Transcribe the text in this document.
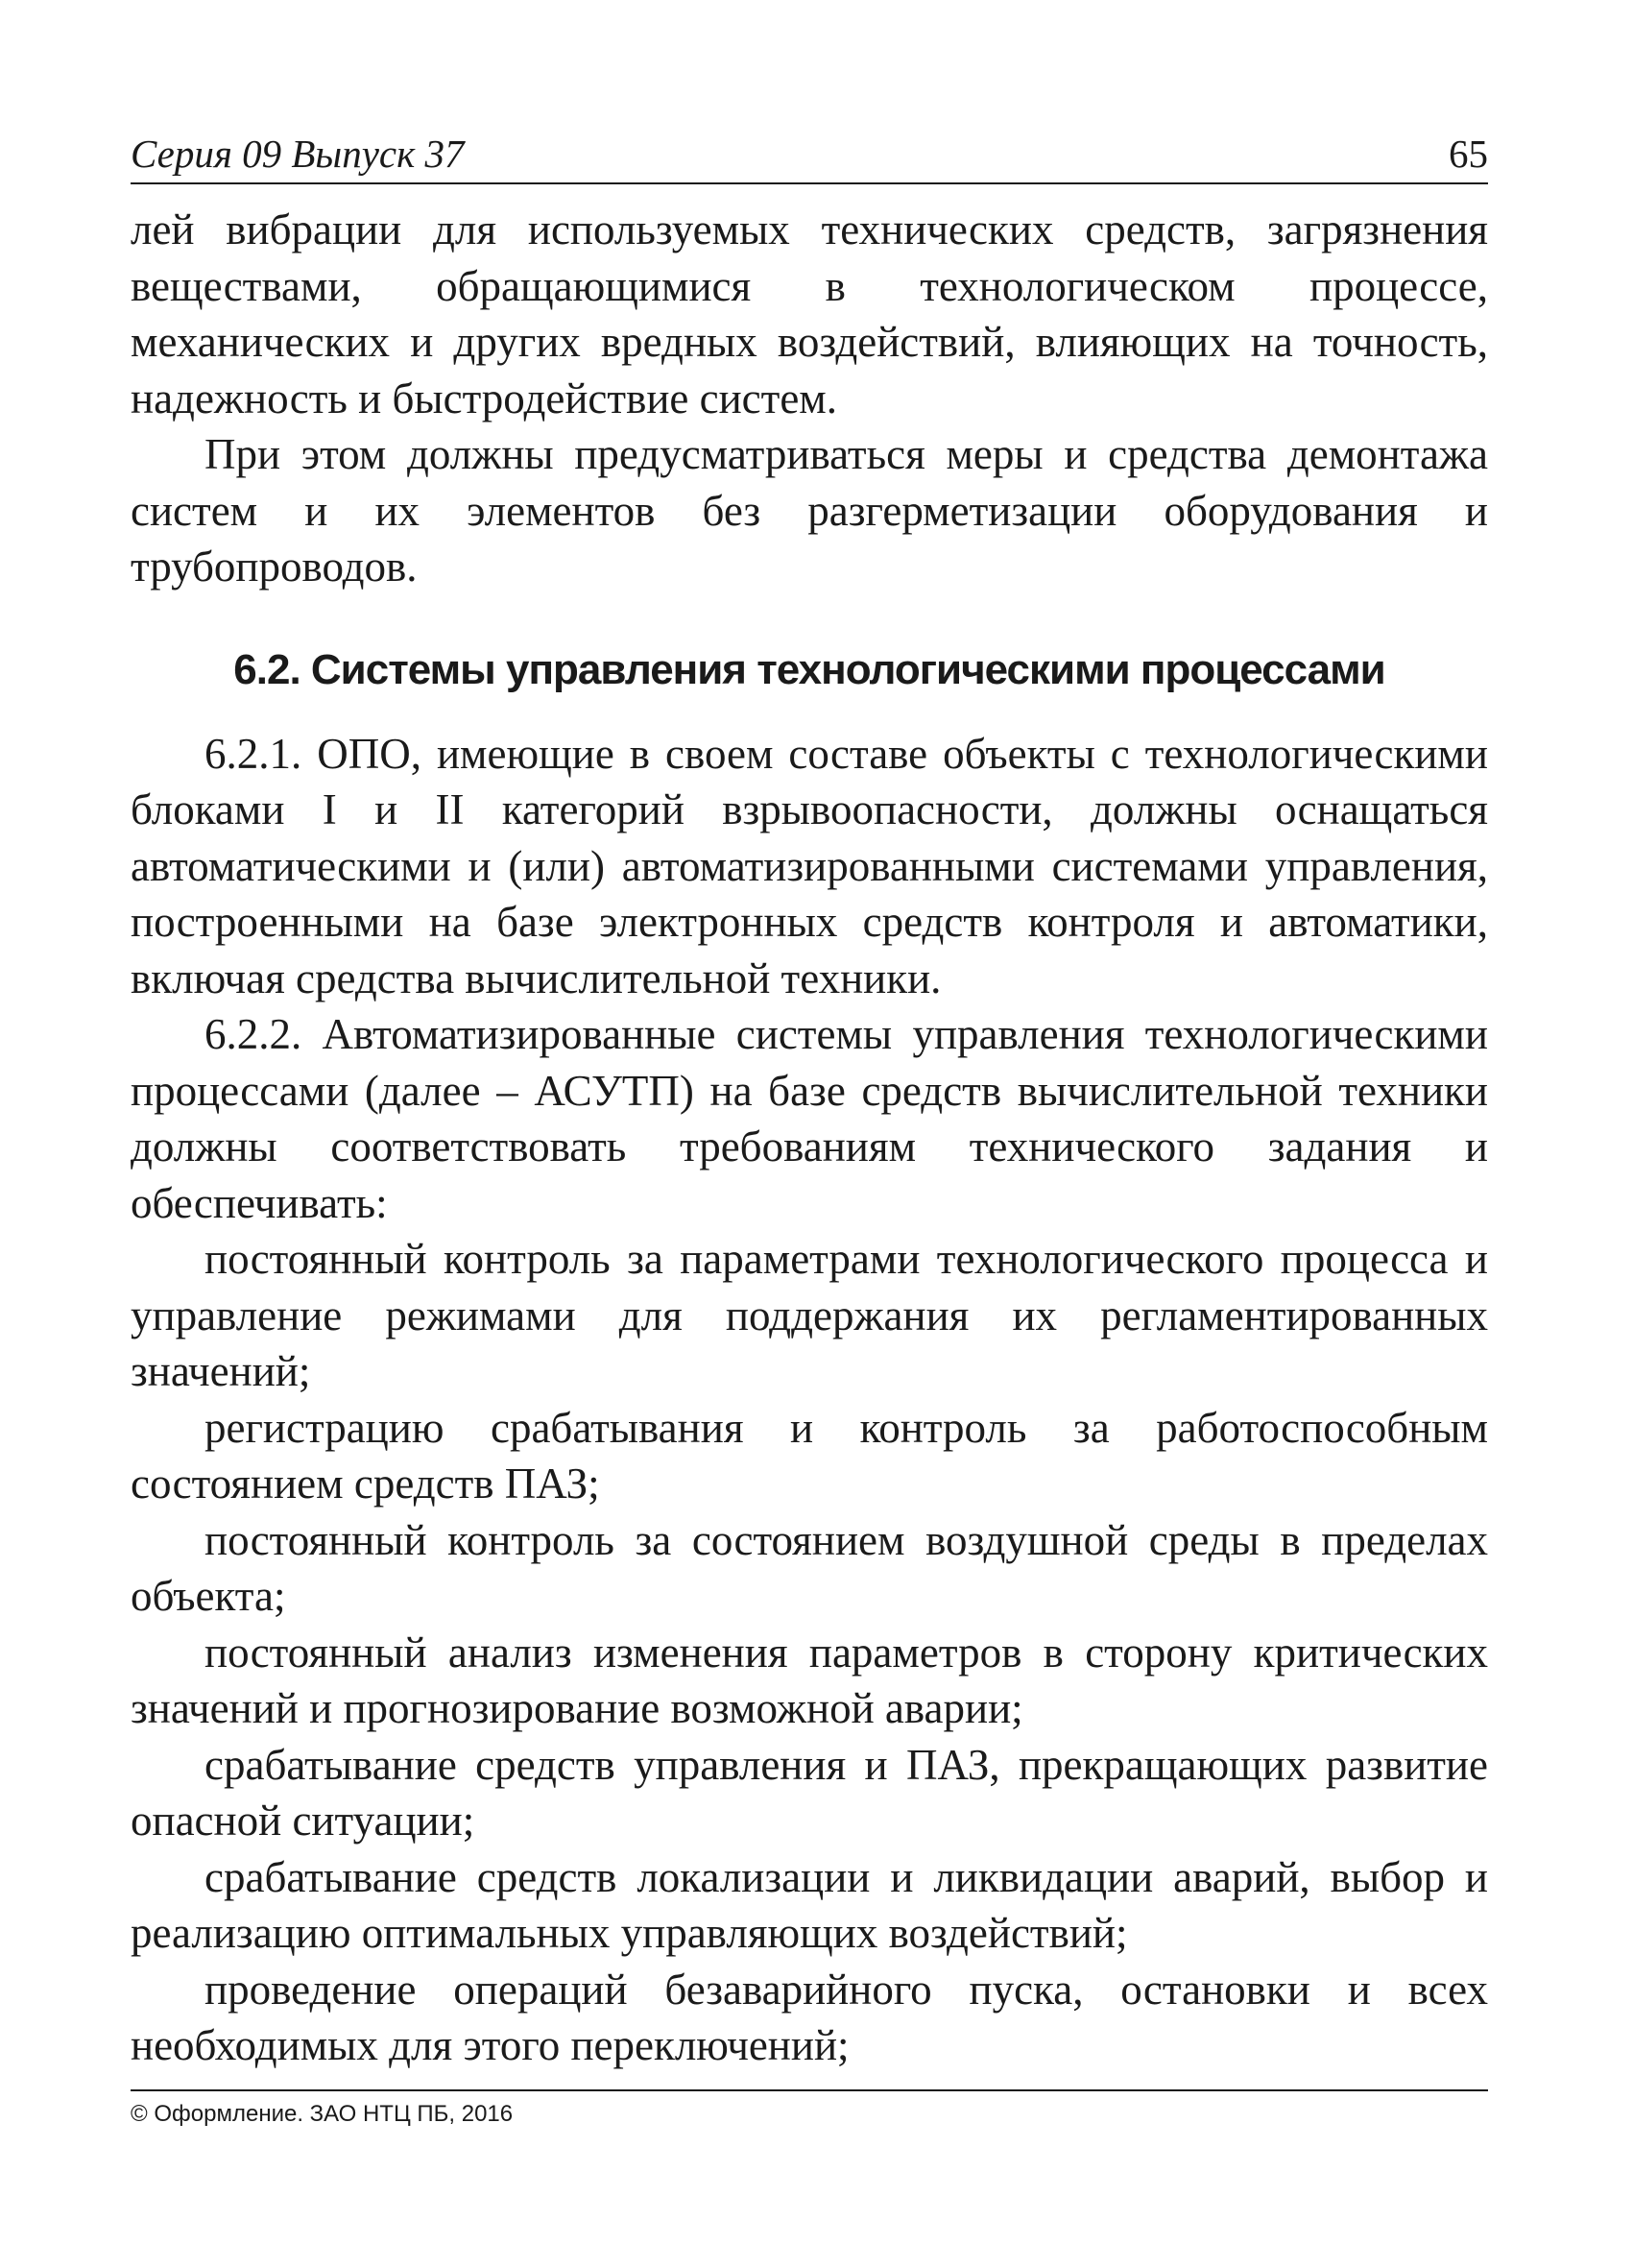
Серия 09 Выпуск 37	65

лей вибрации для используемых технических средств, загрязнения веществами, обращающимися в технологическом процессе, механических и других вредных воздействий, влияющих на точность, надежность и быстродействие систем.

При этом должны предусматриваться меры и средства демонтажа систем и их элементов без разгерметизации оборудования и трубопроводов.

6.2. Системы управления технологическими процессами

6.2.1. ОПО, имеющие в своем составе объекты с технологическими блоками I и II категорий взрывоопасности, должны оснащаться автоматическими и (или) автоматизированными системами управления, построенными на базе электронных средств контроля и автоматики, включая средства вычислительной техники.

6.2.2. Автоматизированные системы управления технологическими процессами (далее – АСУТП) на базе средств вычислительной техники должны соответствовать требованиям технического задания и обеспечивать:

постоянный контроль за параметрами технологического процесса и управление режимами для поддержания их регламентированных значений;

регистрацию срабатывания и контроль за работоспособным состоянием средств ПАЗ;

постоянный контроль за состоянием воздушной среды в пределах объекта;

постоянный анализ изменения параметров в сторону критических значений и прогнозирование возможной аварии;

срабатывание средств управления и ПАЗ, прекращающих развитие опасной ситуации;

срабатывание средств локализации и ликвидации аварий, выбор и реализацию оптимальных управляющих воздействий;

проведение операций безаварийного пуска, остановки и всех необходимых для этого переключений;

© Оформление. ЗАО НТЦ ПБ, 2016
